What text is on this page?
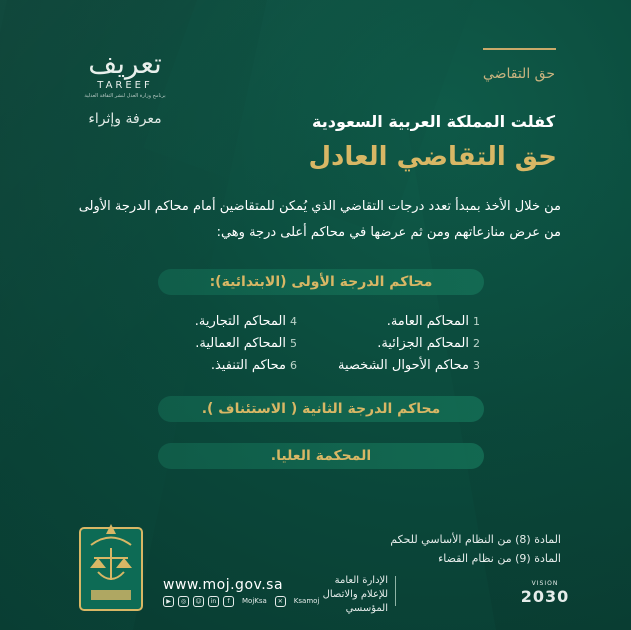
تعريف
TAREEF
برنامج وزارة العدل لنشر الثقافة العدلية
معرفة وإثراء
حق التقاضي
كفلت المملكة العربية السعودية
حق التقاضي العادل
من خلال الأخذ بمبدأ تعدد درجات التقاضي الذي يُمكن للمتقاضين أمام محاكم الدرجة الأولى من عرض منازعاتهم ومن ثم عرضها في محاكم أعلى درجة وهي:
محاكم الدرجة الأولى (الابتدائية):
1المحاكم العامة.
2المحاكم الجزائية.
3محاكم الأحوال الشخصية
4المحاكم التجارية.
5المحاكم العمالية.
6محاكم التنفيذ.
محاكم الدرجة الثانية ( الاستئناف ).
المحكمة العليا.
المادة (8) من النظام الأساسي للحكم
المادة (9) من نظام القضاء
www.moj.gov.sa
▶	◎	☺	in	f	MojKsa	✕	Ksamoj
الإدارة العامة للإعلام والاتصال المؤسسي
VISION
2030
